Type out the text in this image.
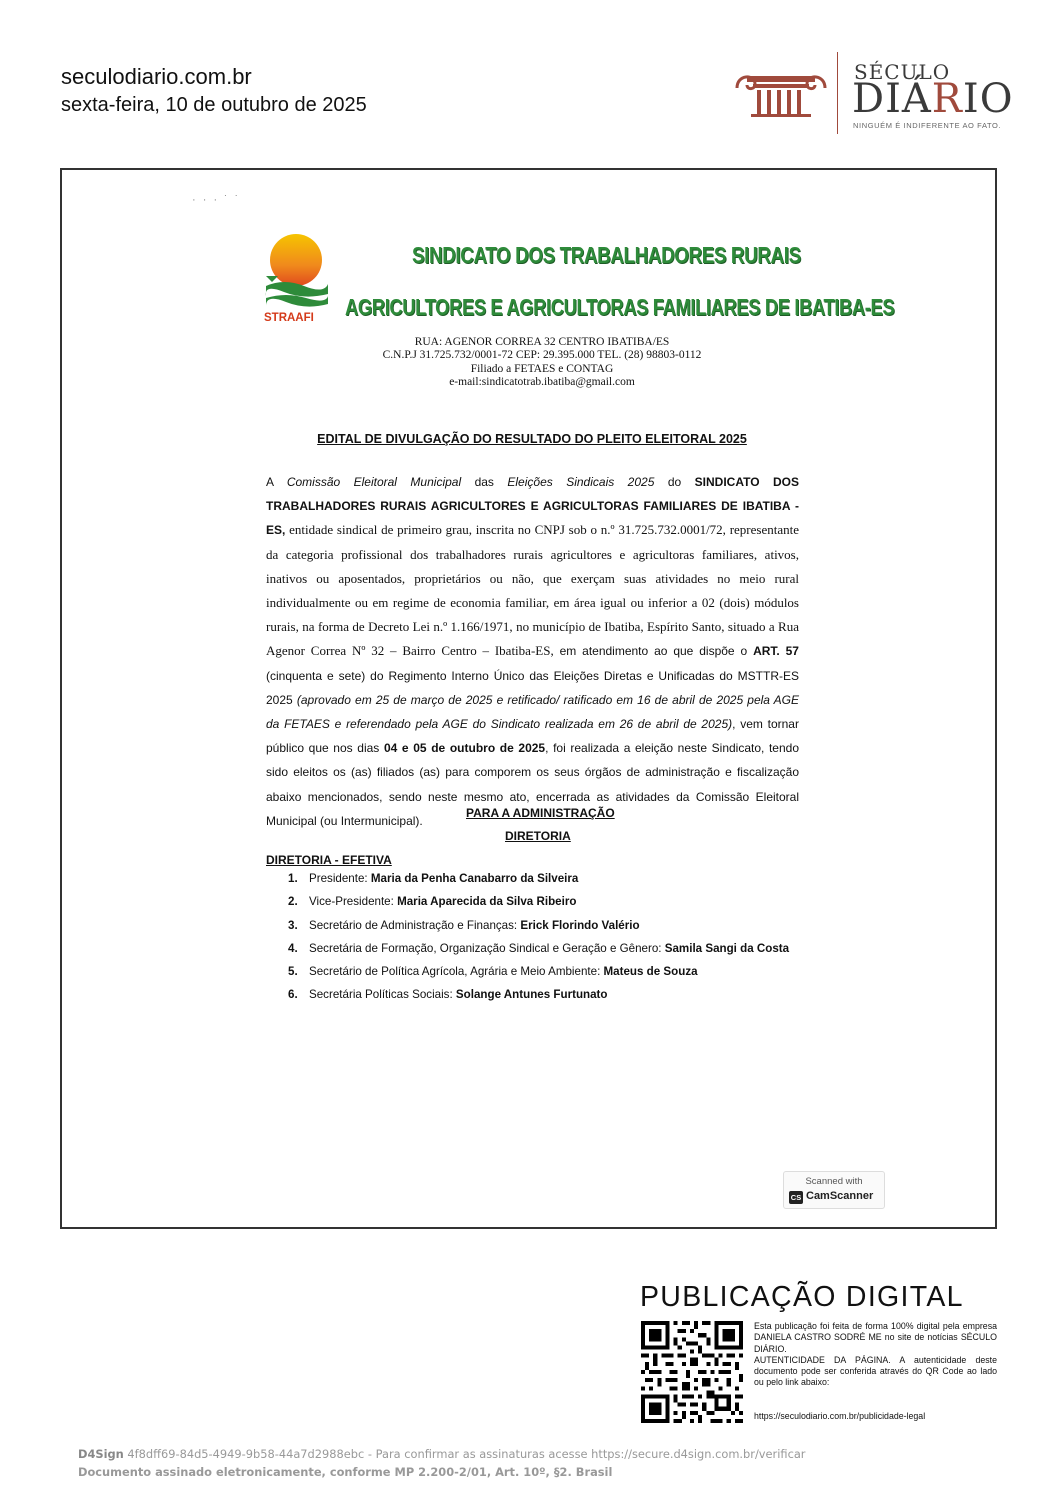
seculodiario.com.br
sexta-feira, 10 de outubro de 2025
SÉCULO
DIÁRIO
NINGUÉM É INDIFERENTE AO FATO.
· · · ˙ ˙
STRAAFI
SINDICATO DOS TRABALHADORES RURAIS
AGRICULTORES E AGRICULTORAS FAMILIARES DE IBATIBA-ES
RUA: AGENOR CORREA 32 CENTRO IBATIBA/ES
C.N.P.J 31.725.732/0001-72 CEP: 29.395.000 TEL. (28) 98803-0112
Filiado a FETAES e CONTAG
e-mail:sindicatotrab.ibatiba@gmail.com
EDITAL DE DIVULGAÇÃO DO RESULTADO DO PLEITO ELEITORAL 2025

A Comissão Eleitoral Municipal das Eleições Sindicais 2025 do SINDICATO DOS TRABALHADORES RURAIS AGRICULTORES E AGRICULTORAS FAMILIARES DE IBATIBA - ES, entidade sindical de primeiro grau, inscrita no CNPJ sob o n.º 31.725.732.0001/72, representante da categoria profissional dos trabalhadores rurais agricultores e agricultoras familiares, ativos, inativos ou aposentados, proprietários ou não, que exerçam suas atividades no meio rural individualmente ou em regime de economia familiar, em área igual ou inferior a 02 (dois) módulos rurais, na forma de Decreto Lei n.º 1.166/1971, no município de Ibatiba, Espírito Santo, situado a Rua Agenor Correa Nº 32 – Bairro Centro – Ibatiba-ES, em atendimento ao que dispõe o ART. 57 (cinquenta e sete) do Regimento Interno Único das Eleições Diretas e Unificadas do MSTTR-ES 2025 (aprovado em 25 de março de 2025 e retificado/ ratificado em 16 de abril de 2025 pela AGE da FETAES e referendado pela AGE do Sindicato realizada em 26 de abril de 2025), vem tornar público que nos dias 04 e 05 de outubro de 2025, foi realizada a eleição neste Sindicato, tendo sido eleitos os (as) filiados (as) para comporem os seus órgãos de administração e fiscalização abaixo mencionados, sendo neste mesmo ato, encerrada as atividades da Comissão Eleitoral Municipal (ou Intermunicipal).

PARA A ADMINISTRAÇÃO
DIRETORIA
DIRETORIA - EFETIVA
1. Presidente: Maria da Penha Canabarro da Silveira
2. Vice-Presidente: Maria Aparecida da Silva Ribeiro
3. Secretário de Administração e Finanças: Erick Florindo Valério
4. Secretária de Formação, Organização Sindical e Geração e Gênero: Samila Sangi da Costa
5. Secretário de Política Agrícola, Agrária e Meio Ambiente: Mateus de Souza
6. Secretária Políticas Sociais: Solange Antunes Furtunato
Scanned with
CS CamScanner
PUBLICAÇÃO DIGITAL

Esta publicação foi feita de forma 100% digital pela empresa DANIELA CASTRO SODRÉ ME no site de notícias SÉCULO DIÁRIO.

AUTENTICIDADE DA PÁGINA. A autenticidade deste documento pode ser conferida através do QR Code ao lado ou pelo link abaixo:

https://seculodiario.com.br/publicidade-legal
D4Sign 4f8dff69-84d5-4949-9b58-44a7d2988ebc - Para confirmar as assinaturas acesse https://secure.d4sign.com.br/verificar
Documento assinado eletronicamente, conforme MP 2.200-2/01, Art. 10º, §2. Brasil
